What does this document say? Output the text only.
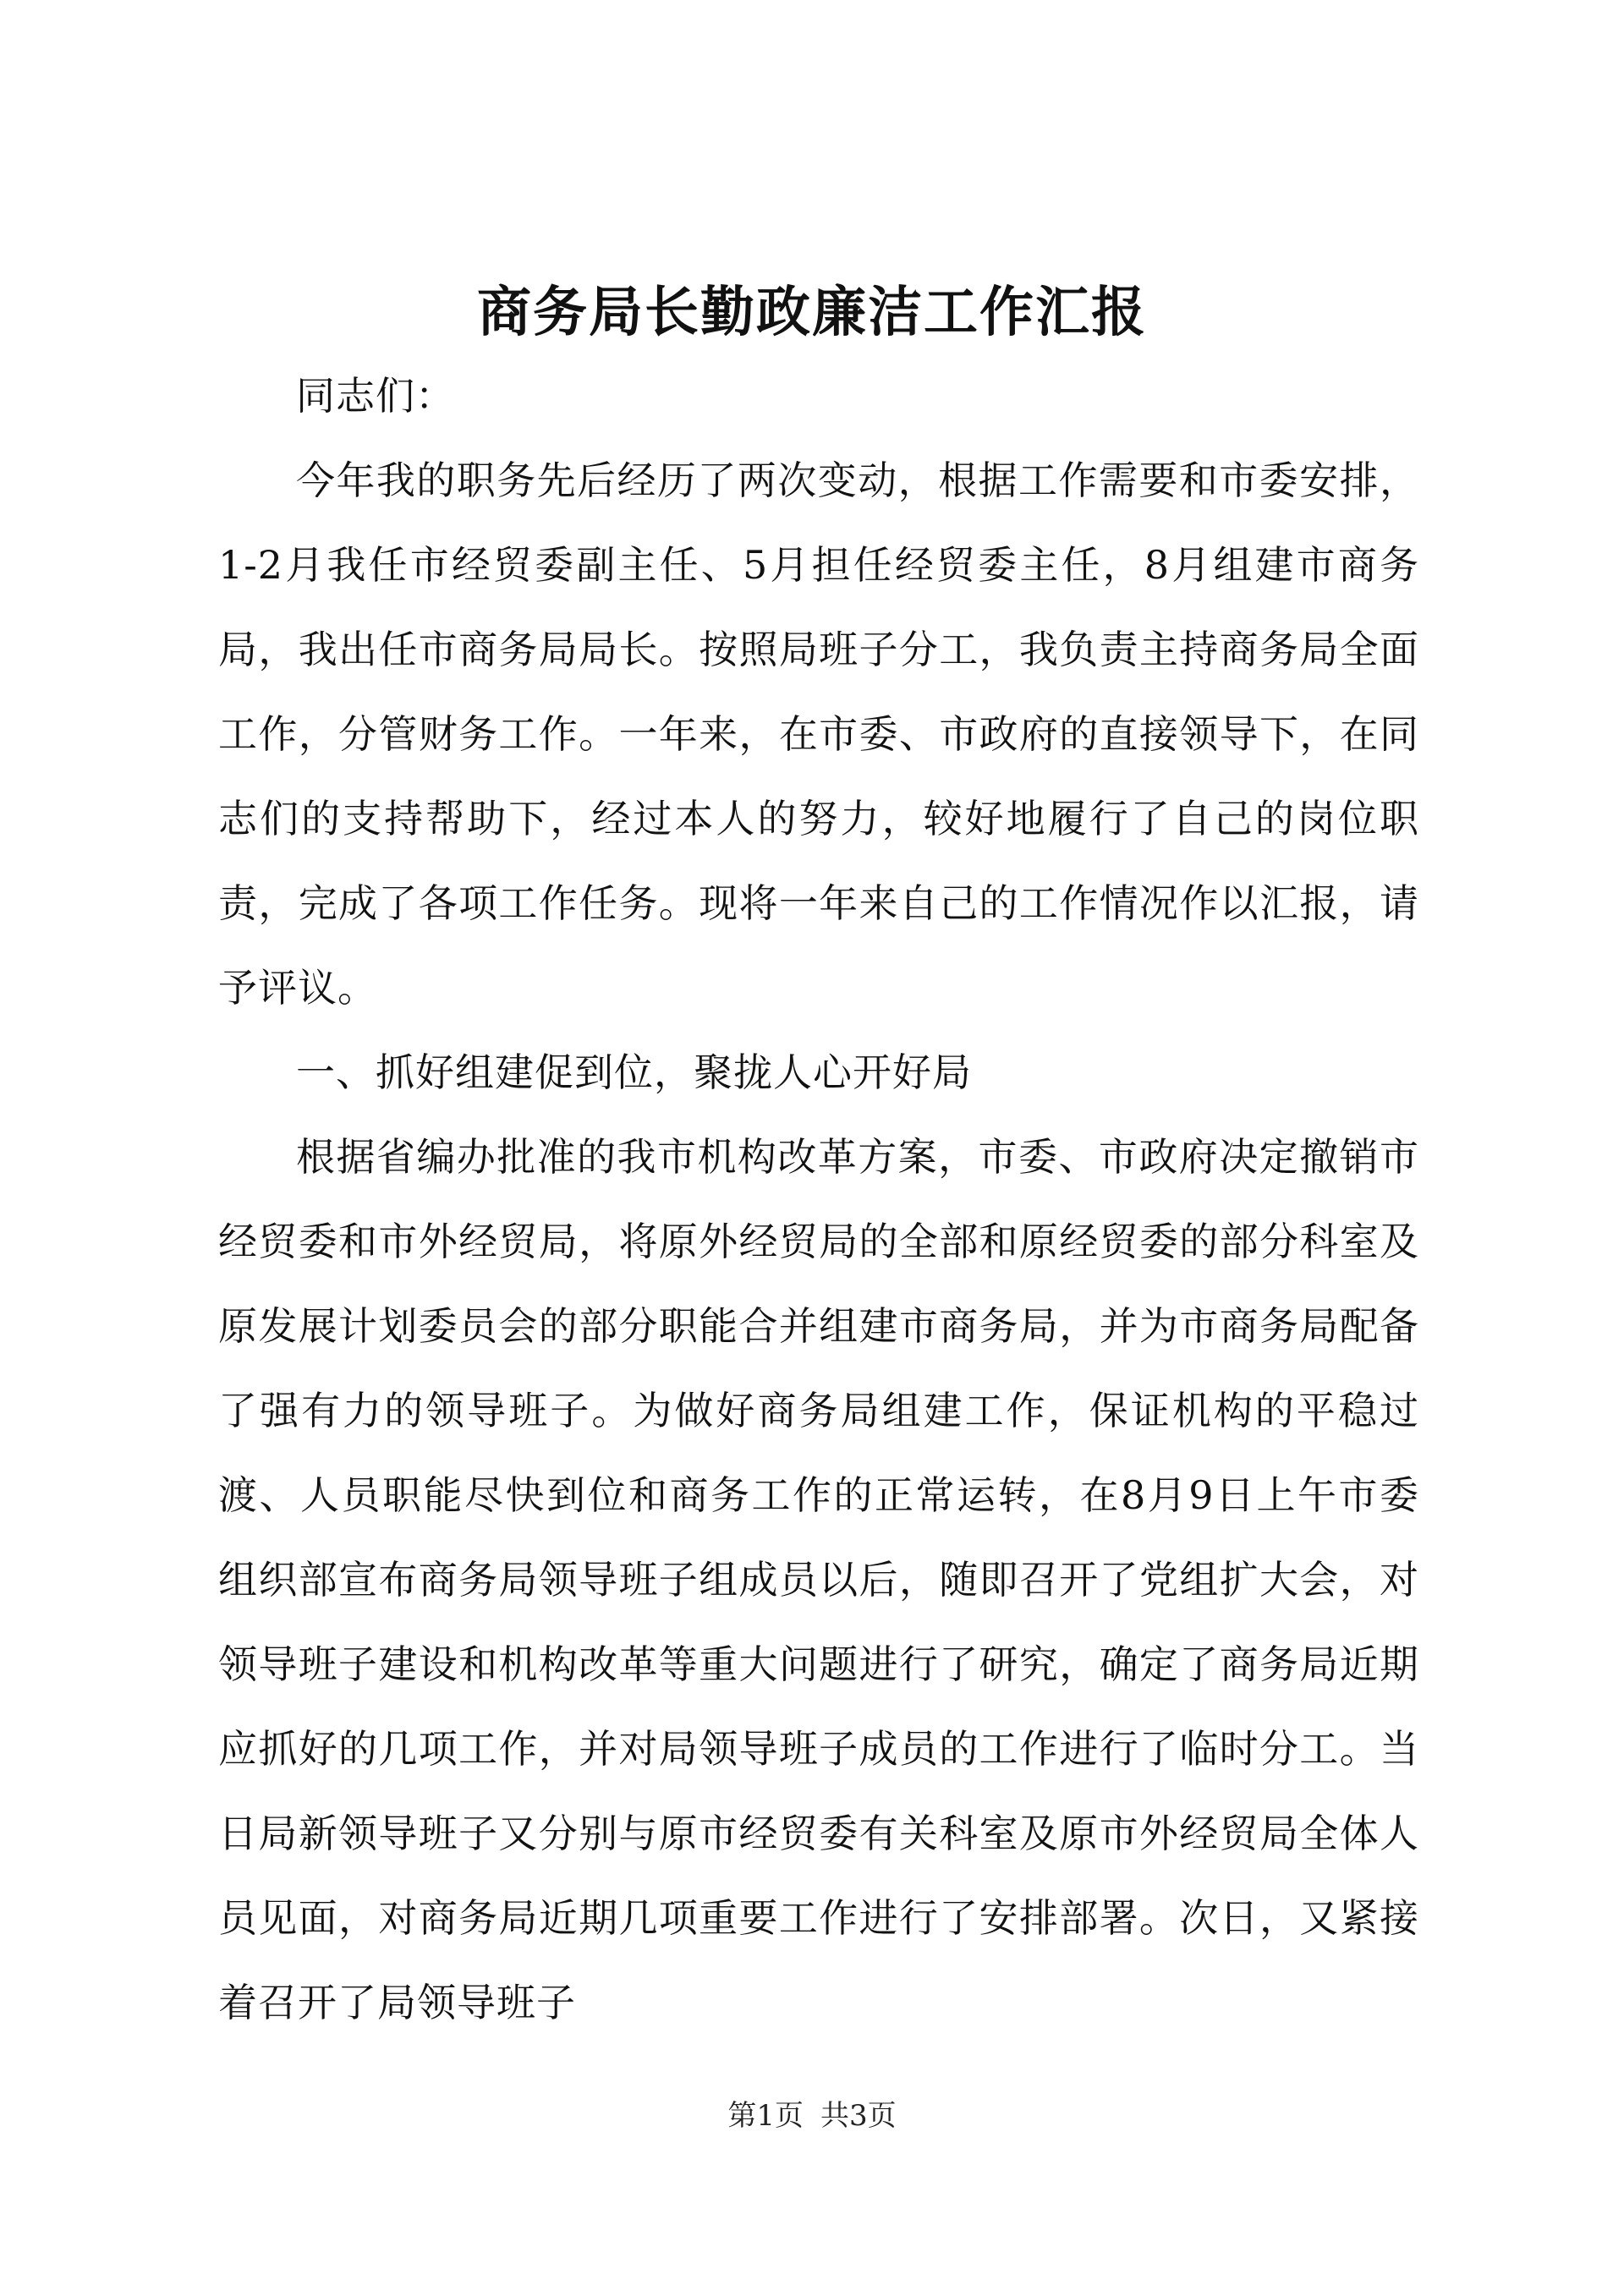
商务局长勤政廉洁工作汇报

同志们：

今年我的职务先后经历了两次变动，根据工作需要和市委安排，1-2月我任市经贸委副主任、5月担任经贸委主任，8月组建市商务局，我出任市商务局局长。按照局班子分工，我负责主持商务局全面工作，分管财务工作。一年来，在市委、市政府的直接领导下，在同志们的支持帮助下，经过本人的努力，较好地履行了自己的岗位职责，完成了各项工作任务。现将一年来自己的工作情况作以汇报，请予评议。

一、抓好组建促到位，聚拢人心开好局

根据省编办批准的我市机构改革方案，市委、市政府决定撤销市经贸委和市外经贸局，将原外经贸局的全部和原经贸委的部分科室及原发展计划委员会的部分职能合并组建市商务局，并为市商务局配备了强有力的领导班子。为做好商务局组建工作，保证机构的平稳过渡、人员职能尽快到位和商务工作的正常运转，在8月9日上午市委组织部宣布商务局领导班子组成员以后，随即召开了党组扩大会，对领导班子建设和机构改革等重大问题进行了研究，确定了商务局近期应抓好的几项工作，并对局领导班子成员的工作进行了临时分工。当日局新领导班子又分别与原市经贸委有关科室及原市外经贸局全体人员见面，对商务局近期几项重要工作进行了安排部署。次日，又紧接着召开了局领导班子

第1页 共3页
